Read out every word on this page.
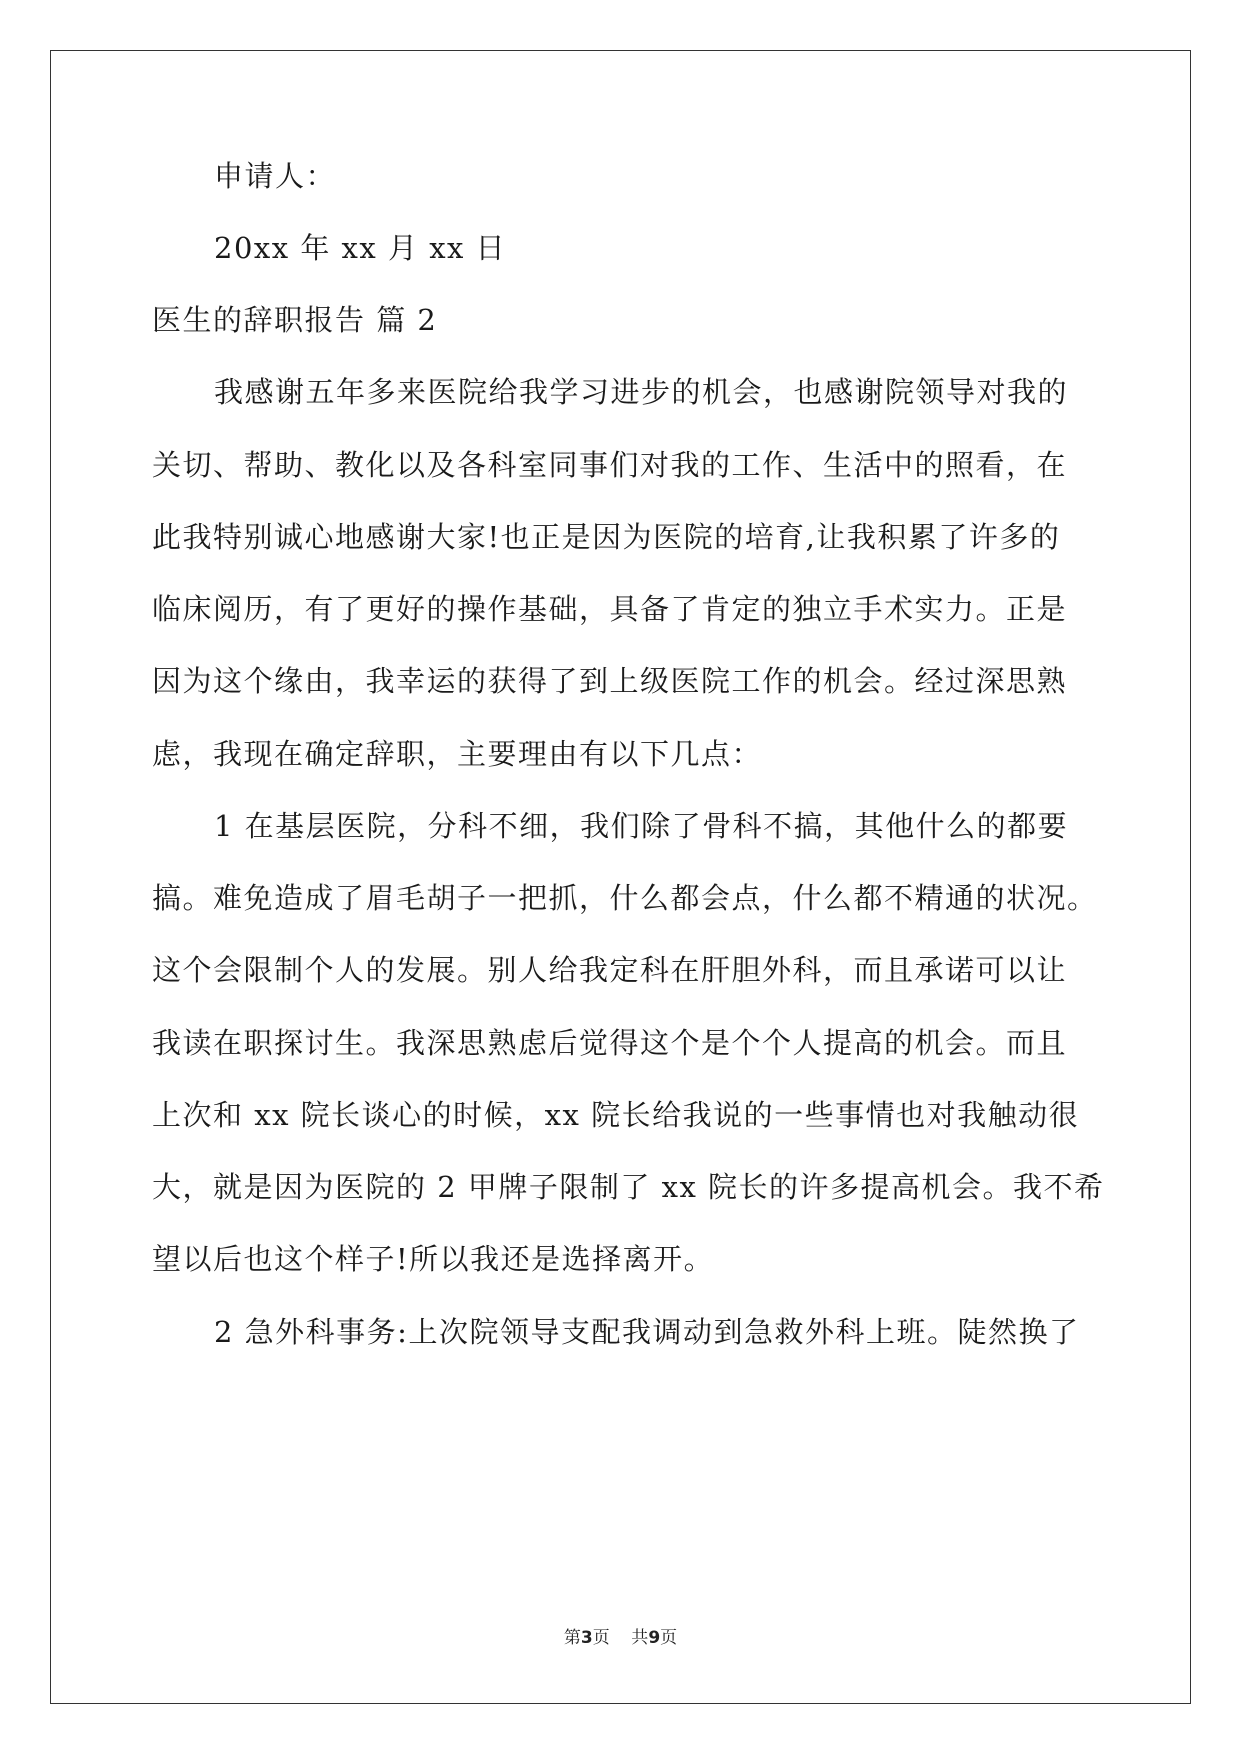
申请人：
20xx 年 xx 月 xx 日
医生的辞职报告 篇 2
我感谢五年多来医院给我学习进步的机会，也感谢院领导对我的
关切、帮助、教化以及各科室同事们对我的工作、生活中的照看，在
此我特别诚心地感谢大家!也正是因为医院的培育,让我积累了许多的
临床阅历，有了更好的操作基础，具备了肯定的独立手术实力。正是
因为这个缘由，我幸运的获得了到上级医院工作的机会。经过深思熟
虑，我现在确定辞职，主要理由有以下几点：
1 在基层医院，分科不细，我们除了骨科不搞，其他什么的都要
搞。难免造成了眉毛胡子一把抓，什么都会点，什么都不精通的状况。
这个会限制个人的发展。别人给我定科在肝胆外科，而且承诺可以让
我读在职探讨生。我深思熟虑后觉得这个是个个人提高的机会。而且
上次和 xx 院长谈心的时候，xx 院长给我说的一些事情也对我触动很
大，就是因为医院的 2 甲牌子限制了 xx 院长的许多提高机会。我不希
望以后也这个样子!所以我还是选择离开。
2 急外科事务:上次院领导支配我调动到急救外科上班。陡然换了
第3页    共9页
